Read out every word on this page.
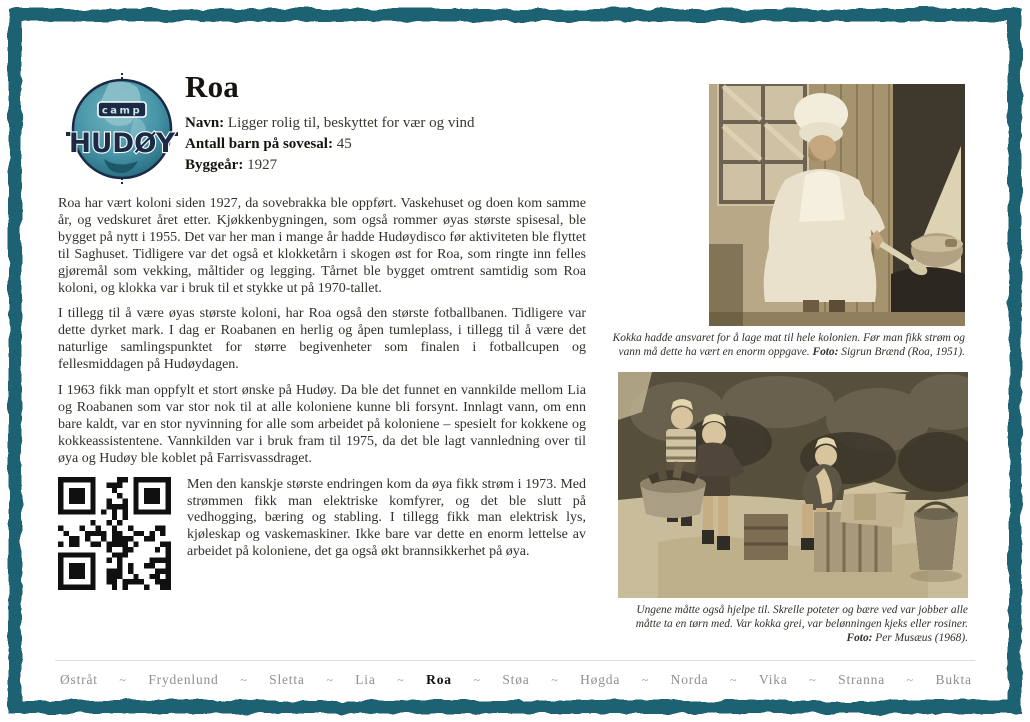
camp
HUDØY
Roa
Navn: Ligger rolig til, beskyttet for vær og vind
Antall barn på sovesal: 45
Byggeår: 1927

Roa har vært koloni siden 1927, da sovebrakka ble oppført. Vaskehuset og doen kom samme år, og vedskuret året etter. Kjøkkenbygningen, som også rommer øyas største spisesal, ble bygget på nytt i 1955. Det var her man i mange år hadde Hudøydisco før aktiviteten ble flyttet til Saghuset. Tidligere var det også et klokketårn i skogen øst for Roa, som ringte inn felles gjøremål som vekking, måltider og legging. Tårnet ble bygget omtrent samtidig som Roa koloni, og klokka var i bruk til et stykke ut på 1970-tallet.

I tillegg til å være øyas største koloni, har Roa også den største fotballbanen. Tidligere var dette dyrket mark. I dag er Roabanen en herlig og åpen tumleplass, i tillegg til å være det naturlige samlingspunktet for større begivenheter som finalen i fotballcupen og fellesmiddagen på Hudøydagen.

I 1963 fikk man oppfylt et stort ønske på Hudøy. Da ble det funnet en vannkilde mellom Lia og Roabanen som var stor nok til at alle koloniene kunne bli forsynt. Innlagt vann, om enn bare kaldt, var en stor nyvinning for alle som arbeidet på koloniene – spesielt for kokkene og kokkeassistentene. Vannkilden var i bruk fram til 1975, da det ble lagt vannledning over til øya og Hudøy ble koblet på Farrisvassdraget.

Men den kanskje største endringen kom da øya fikk strøm i 1973. Med strømmen fikk man elektriske komfyrer, og det ble slutt på vedhogging, bæring og stabling. I tillegg fikk man elektrisk lys, kjøleskap og vaskemaskiner. Ikke bare var dette en enorm lettelse av arbeidet på koloniene, det ga også økt brannsikkerhet på øya.

Kokka hadde ansvaret for å lage mat til hele kolonien. Før man fikk strøm og vann må dette ha vært en enorm oppgave. Foto: Sigrun Brænd (Roa, 1951).
Ungene måtte også hjelpe til. Skrelle poteter og bære ved var jobber alle måtte ta en tørn med. Var kokka grei, var belønningen kjeks eller rosiner. Foto: Per Musæus (1968).
Østråt ~ Frydenlund ~ Sletta ~ Lia ~ Roa ~ Støa ~ Høgda ~ Norda ~ Vika ~ Stranna ~ Bukta
